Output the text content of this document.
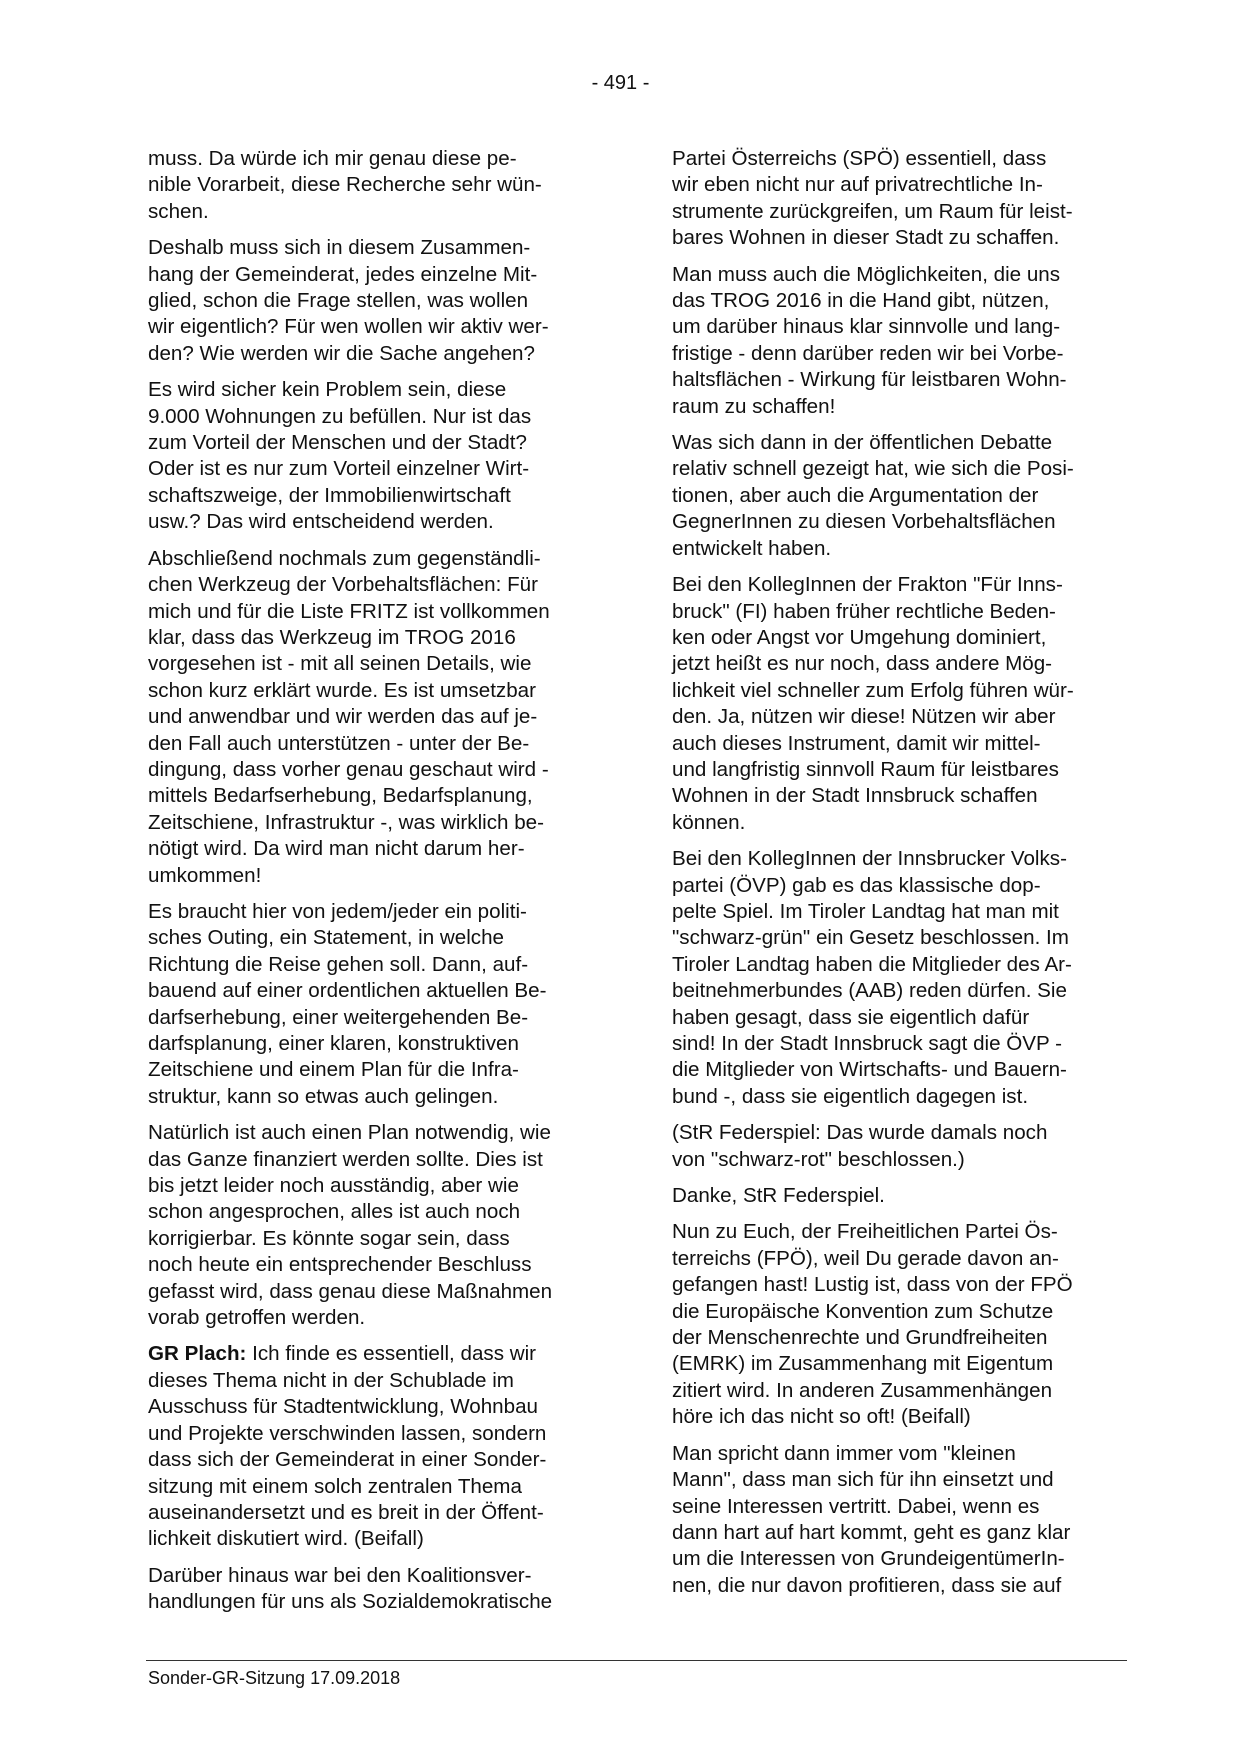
- 491 -

muss. Da würde ich mir genau diese pe-
nible Vorarbeit, diese Recherche sehr wün-
schen.

Deshalb muss sich in diesem Zusammen-
hang der Gemeinderat, jedes einzelne Mit-
glied, schon die Frage stellen, was wollen
wir eigentlich? Für wen wollen wir aktiv wer-
den? Wie werden wir die Sache angehen?

Es wird sicher kein Problem sein, diese
9.000 Wohnungen zu befüllen. Nur ist das
zum Vorteil der Menschen und der Stadt?
Oder ist es nur zum Vorteil einzelner Wirt-
schaftszweige, der Immobilienwirtschaft
usw.? Das wird entscheidend werden.

Abschließend nochmals zum gegenständli-
chen Werkzeug der Vorbehaltsflächen: Für
mich und für die Liste FRITZ ist vollkommen
klar, dass das Werkzeug im TROG 2016
vorgesehen ist - mit all seinen Details, wie
schon kurz erklärt wurde. Es ist umsetzbar
und anwendbar und wir werden das auf je-
den Fall auch unterstützen - unter der Be-
dingung, dass vorher genau geschaut wird -
mittels Bedarfserhebung, Bedarfsplanung,
Zeitschiene, Infrastruktur -, was wirklich be-
nötigt wird. Da wird man nicht darum her-
umkommen!

Es braucht hier von jedem/jeder ein politi-
sches Outing, ein Statement, in welche
Richtung die Reise gehen soll. Dann, auf-
bauend auf einer ordentlichen aktuellen Be-
darfserhebung, einer weitergehenden Be-
darfsplanung, einer klaren, konstruktiven
Zeitschiene und einem Plan für die Infra-
struktur, kann so etwas auch gelingen.

Natürlich ist auch einen Plan notwendig, wie
das Ganze finanziert werden sollte. Dies ist
bis jetzt leider noch ausständig, aber wie
schon angesprochen, alles ist auch noch
korrigierbar. Es könnte sogar sein, dass
noch heute ein entsprechender Beschluss
gefasst wird, dass genau diese Maßnahmen
vorab getroffen werden.

GR Plach: Ich finde es essentiell, dass wir
dieses Thema nicht in der Schublade im
Ausschuss für Stadtentwicklung, Wohnbau
und Projekte verschwinden lassen, sondern
dass sich der Gemeinderat in einer Sonder-
sitzung mit einem solch zentralen Thema
auseinandersetzt und es breit in der Öffent-
lichkeit diskutiert wird. (Beifall)

Darüber hinaus war bei den Koalitionsver-
handlungen für uns als Sozialdemokratische

Partei Österreichs (SPÖ) essentiell, dass
wir eben nicht nur auf privatrechtliche In-
strumente zurückgreifen, um Raum für leist-
bares Wohnen in dieser Stadt zu schaffen.

Man muss auch die Möglichkeiten, die uns
das TROG 2016 in die Hand gibt, nützen,
um darüber hinaus klar sinnvolle und lang-
fristige - denn darüber reden wir bei Vorbe-
haltsflächen - Wirkung für leistbaren Wohn-
raum zu schaffen!

Was sich dann in der öffentlichen Debatte
relativ schnell gezeigt hat, wie sich die Posi-
tionen, aber auch die Argumentation der
GegnerInnen zu diesen Vorbehaltsflächen
entwickelt haben.

Bei den KollegInnen der Frakton "Für Inns-
bruck" (FI) haben früher rechtliche Beden-
ken oder Angst vor Umgehung dominiert,
jetzt heißt es nur noch, dass andere Mög-
lichkeit viel schneller zum Erfolg führen wür-
den. Ja, nützen wir diese! Nützen wir aber
auch dieses Instrument, damit wir mittel-
und langfristig sinnvoll Raum für leistbares
Wohnen in der Stadt Innsbruck schaffen
können.

Bei den KollegInnen der Innsbrucker Volks-
partei (ÖVP) gab es das klassische dop-
pelte Spiel. Im Tiroler Landtag hat man mit
"schwarz-grün" ein Gesetz beschlossen. Im
Tiroler Landtag haben die Mitglieder des Ar-
beitnehmerbundes (AAB) reden dürfen. Sie
haben gesagt, dass sie eigentlich dafür
sind! In der Stadt Innsbruck sagt die ÖVP -
die Mitglieder von Wirtschafts- und Bauern-
bund -, dass sie eigentlich dagegen ist.

(StR Federspiel: Das wurde damals noch
von "schwarz-rot" beschlossen.)

Danke, StR Federspiel.

Nun zu Euch, der Freiheitlichen Partei Ös-
terreichs (FPÖ), weil Du gerade davon an-
gefangen hast! Lustig ist, dass von der FPÖ
die Europäische Konvention zum Schutze
der Menschenrechte und Grundfreiheiten
(EMRK) im Zusammenhang mit Eigentum
zitiert wird. In anderen Zusammenhängen
höre ich das nicht so oft! (Beifall)

Man spricht dann immer vom "kleinen
Mann", dass man sich für ihn einsetzt und
seine Interessen vertritt. Dabei, wenn es
dann hart auf hart kommt, geht es ganz klar
um die Interessen von GrundeigentümerIn-
nen, die nur davon profitieren, dass sie auf

Sonder-GR-Sitzung 17.09.2018
